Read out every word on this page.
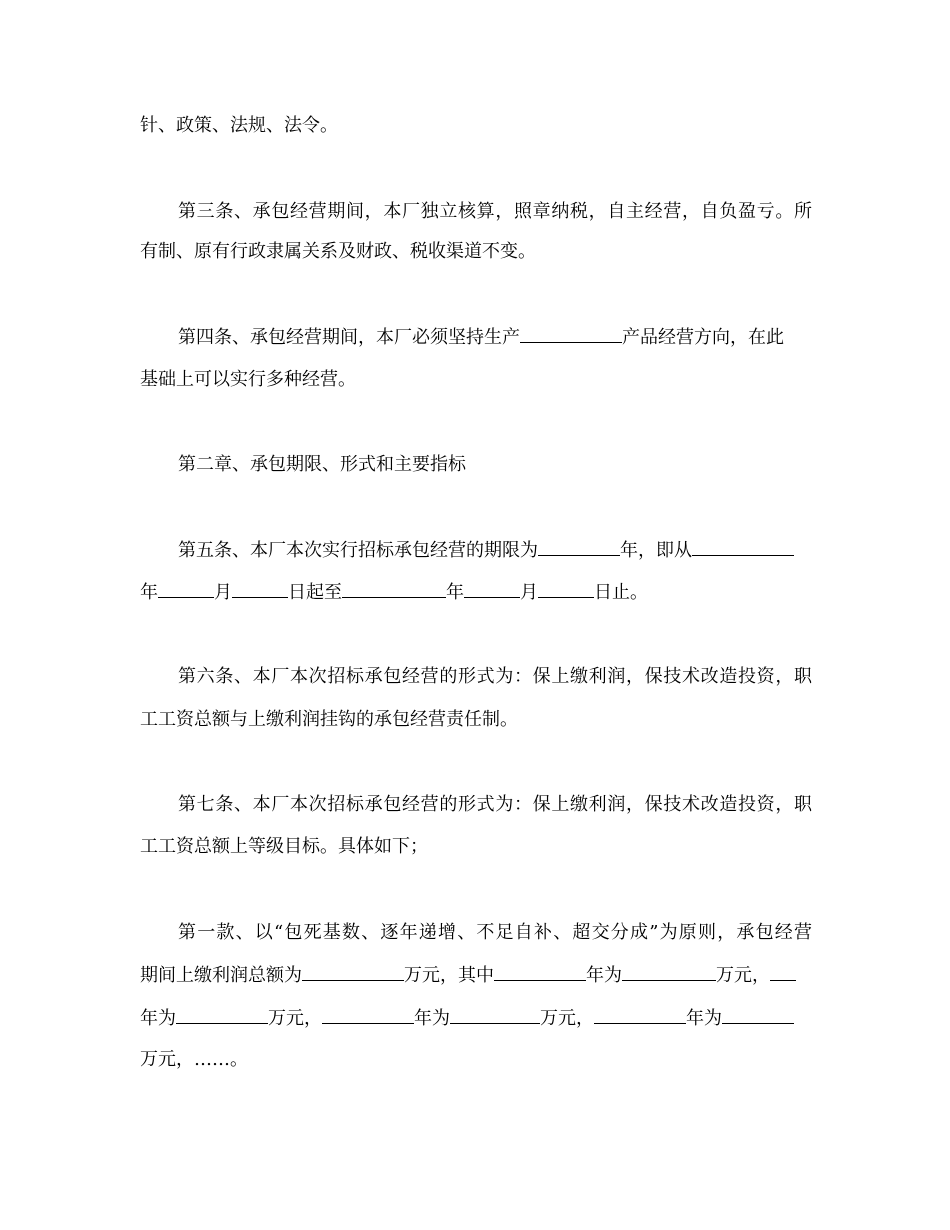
针、政策、法规、法令。
第三条、承包经营期间，本厂独立核算，照章纳税，自主经营，自负盈亏。所
有制、原有行政隶属关系及财政、税收渠道不变。
第四条、承包经营期间，本厂必须坚持生产	产品经营方向，在此
基础上可以实行多种经营。
第二章、承包期限、形式和主要指标
第五条、本厂本次实行招标承包经营的期限为	年，即从
年	月	日起至	年	月	日止。
第六条、本厂本次招标承包经营的形式为：保上缴利润，保技术改造投资，职
工工资总额与上缴利润挂钩的承包经营责任制。
第七条、本厂本次招标承包经营的形式为：保上缴利润，保技术改造投资，职
工工资总额上等级目标。具体如下；
第一款、以“包死基数、逐年递增、不足自补、超交分成”为原则，承包经营
期间上缴利润总额为	万元，其中	年为	万元，
年为	万元，	年为	万元，	年为
万元，……。
